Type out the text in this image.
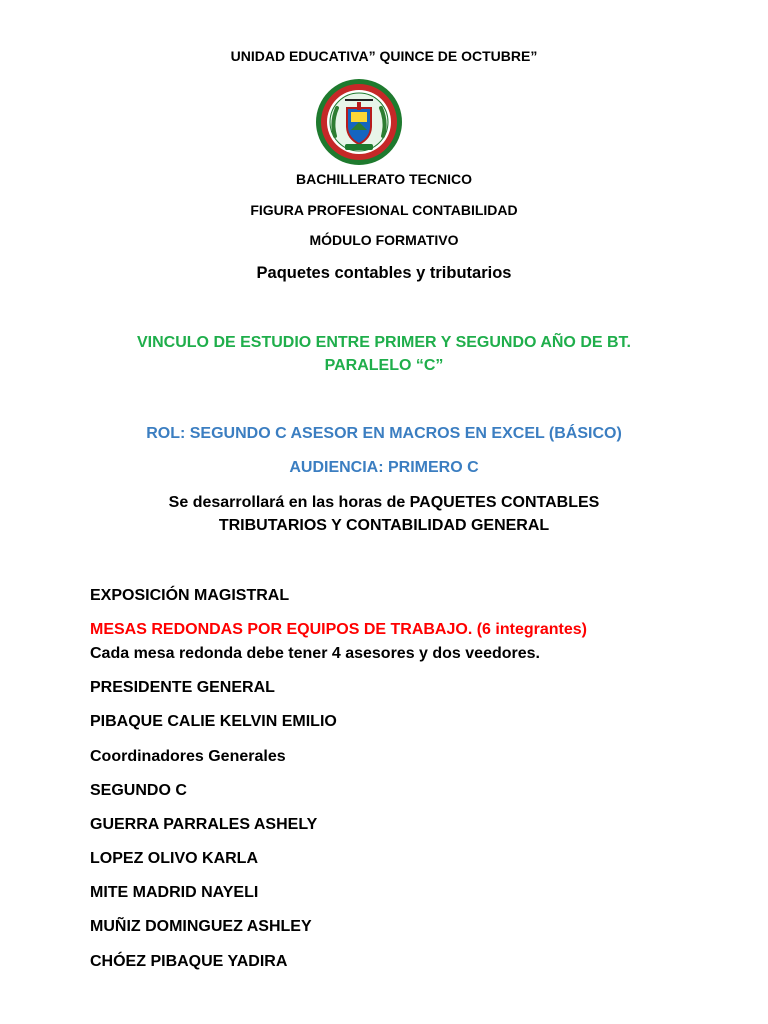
UNIDAD EDUCATIVA” QUINCE DE OCTUBRE”
BACHILLERATO TECNICO
FIGURA PROFESIONAL CONTABILIDAD
MÓDULO FORMATIVO
Paquetes contables y tributarios
VINCULO DE ESTUDIO ENTRE PRIMER Y SEGUNDO AÑO DE BT.
PARALELO “C”
ROL: SEGUNDO C ASESOR EN MACROS EN EXCEL (BÁSICO)
AUDIENCIA: PRIMERO C
Se desarrollará en las horas de PAQUETES CONTABLES
TRIBUTARIOS Y CONTABILIDAD GENERAL
EXPOSICIÓN MAGISTRAL
MESAS REDONDAS POR EQUIPOS DE TRABAJO. (6 integrantes)
Cada mesa redonda debe tener 4 asesores y dos veedores.
PRESIDENTE GENERAL
PIBAQUE CALIE KELVIN EMILIO
Coordinadores Generales
SEGUNDO C
GUERRA PARRALES ASHELY
LOPEZ OLIVO KARLA
MITE MADRID NAYELI
MUÑIZ DOMINGUEZ ASHLEY
CHÓEZ PIBAQUE YADIRA
